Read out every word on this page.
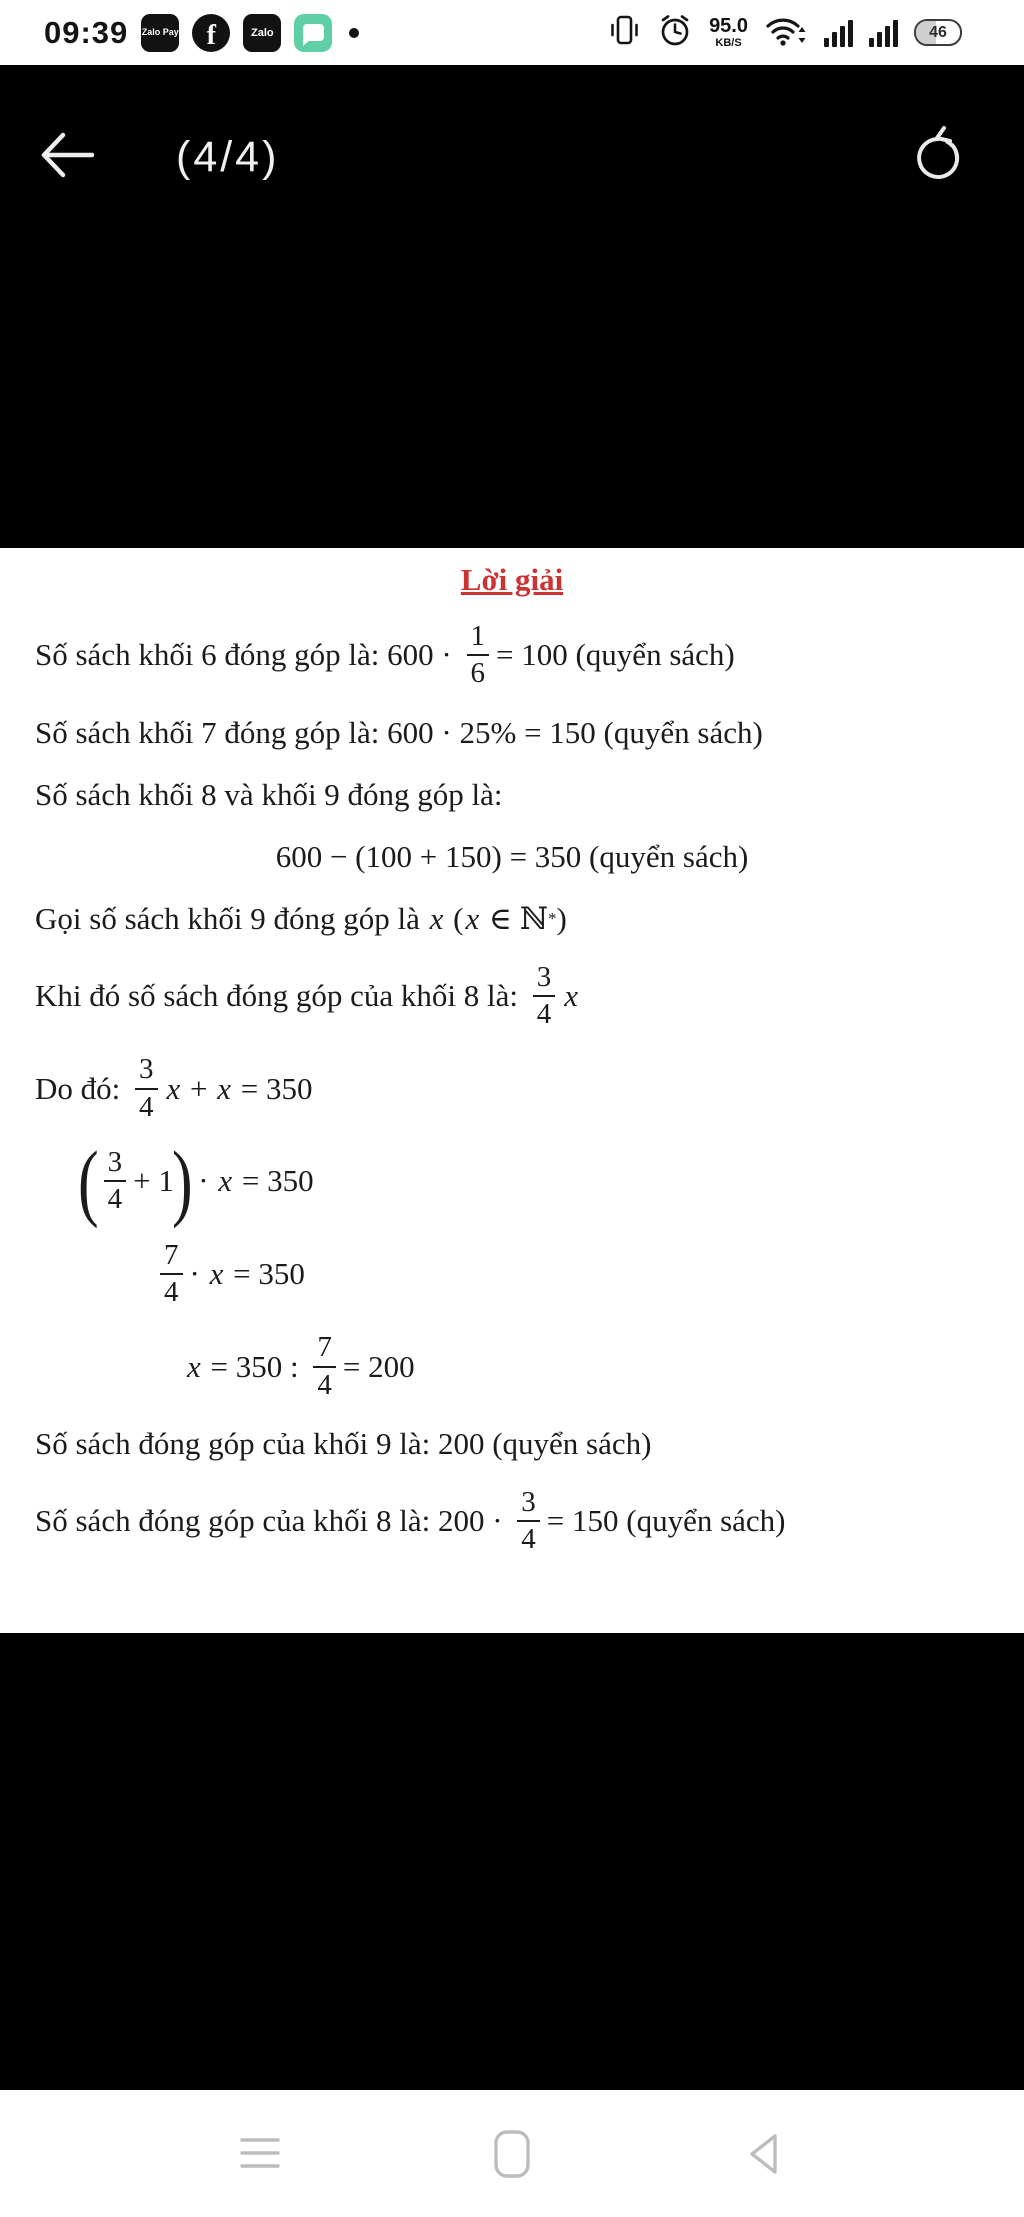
09:39 Zalo Pay f	Zalo	95.0
KB/S
46
(4/4)
Lời giải
Số sách khối 6 đóng góp là: $600 \cdot \frac{1}{6} = 100$ (quyển sách)
Số sách khối 7 đóng góp là: 600 · 25% = 150 (quyển sách)
Số sách khối 8 và khối 9 đóng góp là:
600 − (100 + 150) = 350 (quyển sách)
Gọi số sách khối 9 đóng góp là x ( x ∈ ℕ * )
Khi đó số sách đóng góp của khối 8 là: $\frac{3}{4}$ x
Do đó: $\frac{3}{4}$ x + x = 350
( $\frac{3}{4} + 1$
)
· x = 350
$\frac{7}{4} \cdot x = 350$
x = 350 : $\frac{7}{4} = 200$
Số sách đóng góp của khối 9 là: 200 (quyển sách)
Số sách đóng góp của khối 8 là: $200 \cdot \frac{3}{4} = 150$ (quyển sách)
